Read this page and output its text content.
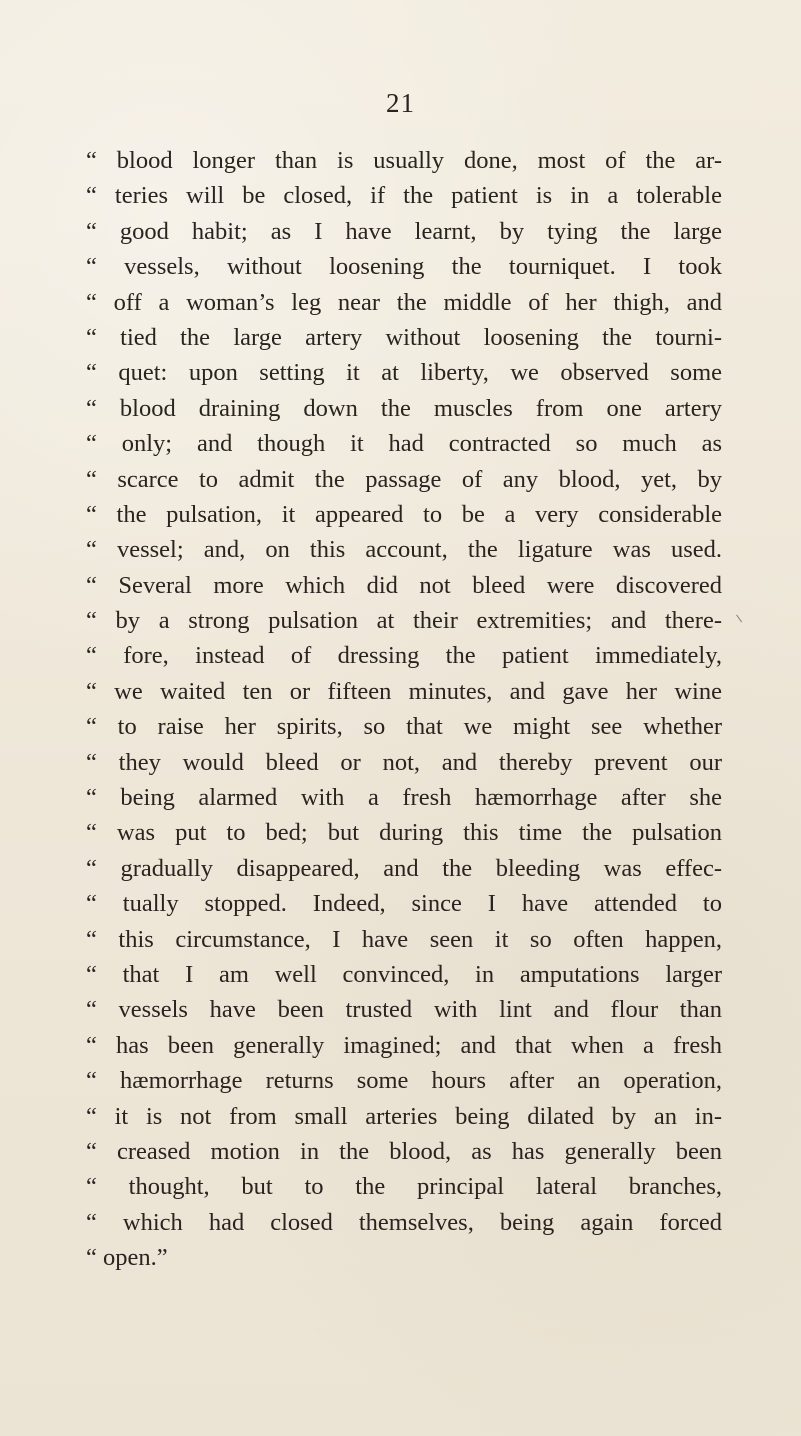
21
“ blood longer than is usually done, most of the ar-
“ teries will be closed, if the patient is in a tolerable
“ good habit; as I have learnt, by tying the large
“ vessels, without loosening the tourniquet. I took
“ off a woman’s leg near the middle of her thigh, and
“ tied the large artery without loosening the tourni-
“ quet: upon setting it at liberty, we observed some
“ blood draining down the muscles from one artery
“ only; and though it had contracted so much as
“ scarce to admit the passage of any blood, yet, by
“ the pulsation, it appeared to be a very considerable
“ vessel; and, on this account, the ligature was used.
“ Several more which did not bleed were discovered
“ by a strong pulsation at their extremities; and there-
“ fore, instead of dressing the patient immediately,
“ we waited ten or fifteen minutes, and gave her wine
“ to raise her spirits, so that we might see whether
“ they would bleed or not, and thereby prevent our
“ being alarmed with a fresh hæmorrhage after she
“ was put to bed; but during this time the pulsation
“ gradually disappeared, and the bleeding was effec-
“ tually stopped. Indeed, since I have attended to
“ this circumstance, I have seen it so often happen,
“ that I am well convinced, in amputations larger
“ vessels have been trusted with lint and flour than
“ has been generally imagined; and that when a fresh
“ hæmorrhage returns some hours after an operation,
“ it is not from small arteries being dilated by an in-
“ creased motion in the blood, as has generally been
“ thought, but to the principal lateral branches,
“ which had closed themselves, being again forced
“ open.”
